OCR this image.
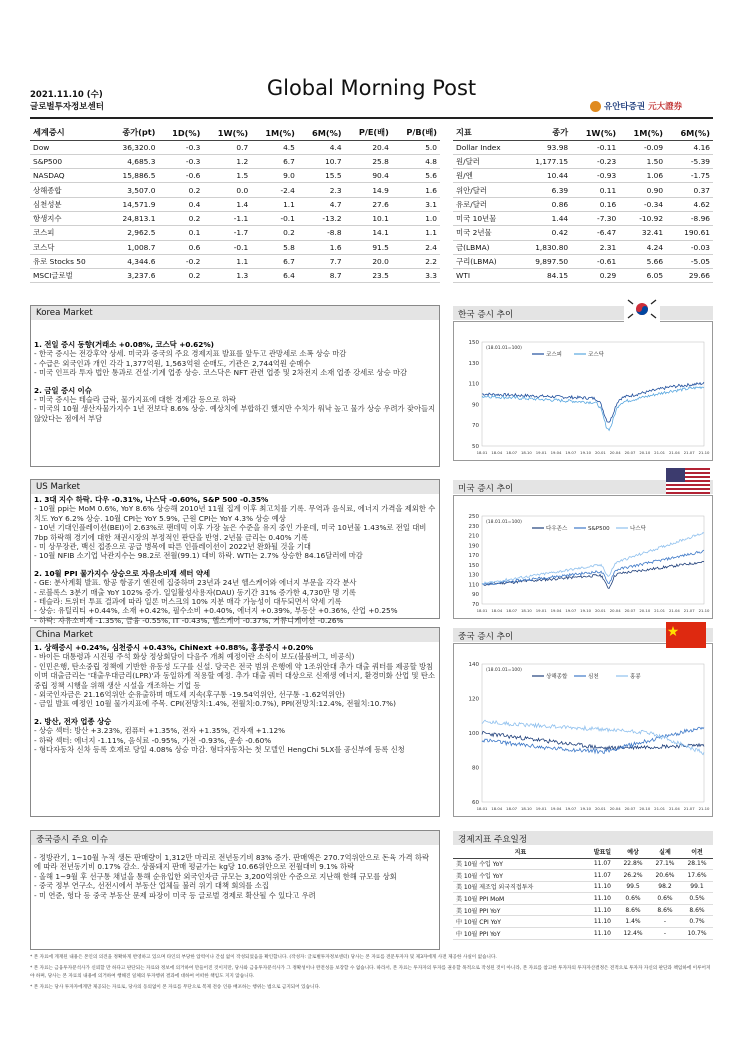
2021.11.10 (수)
글로벌투자정보센터
Global Morning Post
유안타증권 元大證券
세계증시	종가(pt)	1D(%)	1W(%)	1M(%)	6M(%)	P/E(배)	P/B(배)
Dow	36,320.0	-0.3	0.7	4.5	4.4	20.4	5.0
S&P500	4,685.3	-0.3	1.2	6.7	10.7	25.8	4.8
NASDAQ	15,886.5	-0.6	1.5	9.0	15.5	90.4	5.6
상해종합	3,507.0	0.2	0.0	-2.4	2.3	14.9	1.6
심천성분	14,571.9	0.4	1.4	1.1	4.7	27.6	3.1
항생지수	24,813.1	0.2	-1.1	-0.1	-13.2	10.1	1.0
코스피	2,962.5	0.1	-1.7	0.2	-8.8	14.1	1.1
코스닥	1,008.7	0.6	-0.1	5.8	1.6	91.5	2.4
유로 Stocks 50	4,344.6	-0.2	1.1	6.7	7.7	20.0	2.2
MSCI글로벌	3,237.6	0.2	1.3	6.4	8.7	23.5	3.3
지표	종가	1W(%)	1M(%)	6M(%)
Dollar Index	93.98	-0.11	-0.09	4.16
원/달러	1,177.15	-0.23	1.50	-5.39
원/엔	10.44	-0.93	1.06	-1.75
위안/달러	6.39	0.11	0.90	0.37
유로/달러	0.86	0.16	-0.34	4.62
미국 10년물	1.44	-7.30	-10.92	-8.96
미국 2년물	0.42	-6.47	32.41	190.61
금(LBMA)	1,830.80	2.31	4.24	-0.03
구리(LBMA)	9,897.50	-0.61	5.66	-5.05
WTI	84.15	0.29	6.05	29.66
Korea Market

1. 전일 증시 동향(거래소 +0.08%, 코스닥 +0.62%)

- 한국 증시는 전강후약 상세. 미국과 중국의 주요 경제지표 발표를 앞두고 관망세로 소폭 상승 마감

- 수급은 외국인과 개인 각각 1,377억원, 1,563억원 순매도, 기관은 2,744억원 순매수

- 미국 인프라 투자 법안 통과로 건설·기계 업종 상승. 코스닥은 NFT 관련 업종 및 2차전지 소재 업종 강세로 상승 마감

2. 금일 증시 이슈

- 미국 증시는 테슬라 급락, 물가지표에 대한 경계감 등으로 하락

- 미국의 10월 생산자물가지수 1년 전보다 8.6% 상승. 예상치에 부합하긴 했지만 수치가 워낙 높고 물가 상승 우려가 잦아들지 않았다는 점에서 부담

US Market

1. 3대 지수 하락. 다우 -0.31%, 나스닥 -0.60%, S&P 500 -0.35%

- 10월 ppi는 MoM 0.6%, YoY 8.6% 상승해 2010년 11월 집계 이후 최고치를 기록. 무역과 음식료, 에너지 가격을 제외한 수치도 YoY 6.2% 상승. 10월 CPI는 YoY 5.9%, 근원 CPI는 YoY 4.3% 상승 예상

- 10년 기대인플레이션(BEI)이 2.63%로 팬데믹 이후 가장 높은 수준을 유지 중인 가운데, 미국 10년물 1.43%로 전일 대비 7bp 하락해 경기에 대한 채권시장의 부정적인 판단을 반영. 2년물 금리는 0.40% 기록

- 미 상무장관, 백신 접종으로 공급 병목에 따른 인플레이션이 2022년 완화될 것을 기대

- 10월 NFIB 소기업 낙관지수는 98.2로 전월(99.1) 대비 하락. WTI는 2.7% 상승한 84.16달러에 마감

2. 10월 PPI 물가지수 상승으로 자유소비재 섹터 약세

- GE: 분사계획 발표. 항공 항공기 엔진에 집중하며 23년과 24년 헬스케어와 에너지 부문을 각각 분사

- 로블록스 3분기 매출 YoY 102% 증가. 일일활성사용자(DAU) 동기간 31% 증가한 4,730만 명 기록

- 테슬라: 트위터 투표 결과에 따라 일론 머스크의 10% 지분 매각 가능성이 대두되면서 약세 기록

- 상승: 유틸리티 +0.44%, 소재 +0.42%, 필수소비 +0.40%, 에너지 +0.39%, 부동산 +0.36%, 산업 +0.25%

- 하락: 자유소비재 -1.35%, 금융 -0.55%, IT -0.43%, 헬스케어 -0.37%, 커뮤니케이션 -0.26%

China Market

1. 상해증시 +0.24%, 심천증시 +0.43%, ChiNext +0.88%, 홍콩증시 +0.20%

- 바이든 대통령과 시진핑 주석 화상 정상회담이 다음주 개최 예정이란 소식이 보도(블룸버그, 비공식)

- 인민은행, 탄소중립 정책에 기반한 유동성 도구를 신설. 당국은 전국 범위 은행에 약 1조위안대 추가 대출 쿼터를 제공할 방침이며 대출금리는 '대출우대금리(LPR)'과 동일하게 적용할 예정. 추가 대출 쿼터 대상으로 신재생 에너지, 환경미화 산업 및 탄소중립 정책 시행을 위해 생산 시설을 개조하는 기업 등

- 외국인자금은 21.16억위안 순유출하며 매도세 지속(후구통 -19.54억위안, 선구통 -1.62억위안)

- 금일 발표 예정인 10월 물가지표에 주목. CPI(전망치:1.4%, 전월치:0.7%), PPI(전망치:12.4%, 전월치:10.7%)

2. 방산, 전자 업종 상승

- 상승 섹터: 방산 +3.23%, 컴퓨터 +1.35%, 전자 +1.35%, 건자재 +1.12%

- 하락 섹터: 에너지 -1.11%, 음식료 -0.95%, 가전 -0.93%, 운송 -0.60%

- 형다자동차 신차 등록 호재로 당일 4.08% 상승 마감. 형다자동차는 첫 모델인 HengChi 5LX를 공신부에 등록 신청

한국 증시 추이
150
130
110
90
70
50
18.01 18.04 18.07 18.10 19.01 19.04 19.07 19.10 20.01 20.04 20.07 20.10 21.01 21.04 21.07 21.10
(18.01.01=100)
코스피	코스닥
미국 증시 추이
250
230
210
190
170
150
130
110
90
70
18.01 18.04 18.07 18.10 19.01 19.04 19.07 19.10 20.01 20.04 20.07 20.10 21.01 21.04 21.07 21.10
(18.01.01=100)
다우존스	S&P500	나스닥
중국 증시 추이
140
120
100
80
60
18.01 18.04 18.07 18.10 19.01 19.04 19.07 19.10 20.01 20.04 20.07 20.10 21.01 21.04 21.07 21.10
(18.01.01=100)
상해종합	심천	홍콩
중국증시 주요 이슈

- 정방관기, 1~10월 누적 생돈 판매량이 1,312만 마리로 전년동기비 83% 증가. 판매액은 270.7억위안으로 돈육 가격 하락에 따라 전년동기비 0.17% 감소. 상품돼지 판매 평균가는 kg당 10.66위안으로 전월대비 9.1% 하락

- 올해 1~9월 후 선구통 채널을 통해 순유입한 외국인자금 규모는 3,200억위안 수준으로 지난해 한해 규모를 상회

- 중국 정부 연구소, 선전시에서 부동산 업체들 불러 위기 대책 회의를 소집

- 미 연준, 헝다 등 중국 부동산 문제 파장이 미국 등 글로벌 경제로 확산될 수 있다고 우려

경제지표 주요일정
지표	발표일	예상	실제	이전
美 10월 수입 YoY	11.07	22.8%	27.1%	28.1%
美 10월 수입 YoY	11.07	26.2%	20.6%	17.6%
美 10월 제조업 외국직접투자	11.10	99.5	98.2	99.1
美 10월 PPI MoM	11.10	0.6%	0.6%	0.5%
美 10월 PPI YoY	11.10	8.6%	8.6%	8.6%
中 10월 CPI YoY	11.10	1.4%	-	0.7%
中 10월 PPI YoY	11.10	12.4%	-	10.7%

* 본 자료에 게재된 내용은 본인의 의견을 정확하게 반영하고 있으며 타인의 부당한 압력이나 간섭 없이 작성되었음을 확인합니다. (작성자: 글로벌투자정보센터) 당사는 본 자료를 전문투자자 및 제3자에게 사전 제공한 사실이 없습니다.

* 본 자료는 금융투자분석사가 신뢰할 만 하다고 판단되는 자료와 정보에 의거하여 만들어진 것이지만, 당사와 금융투자분석사가 그 정확성이나 완전성을 보장할 수 없습니다. 따라서, 본 자료는 투자자의 투자를 권유할 목적으로 작성된 것이 아니라, 본 자료를 참고한 투자자의 투자자산결정은 전적으로 투자자 자신의 판단과 책임하에 이루어져야 하며, 당사는 본 자료의 내용에 의거하여 행해진 일체의 투자행위 결과에 대하여 어떠한 책임도 지지 않습니다.

* 본 자료는 당사 투자자에게만 제공되는 자료로, 당사의 동의없이 본 자료를 무단으로 복제 전송 인용 배포하는 행위는 법으로 금지되어 있습니다.
